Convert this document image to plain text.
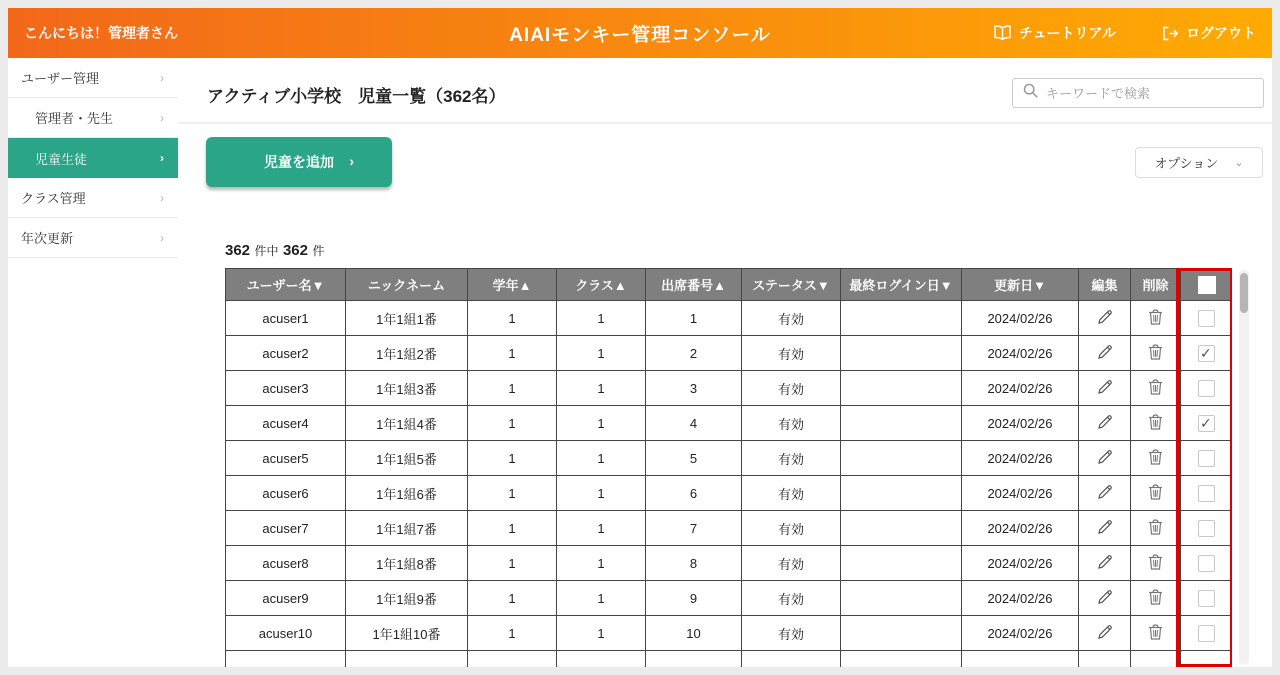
こんにちは！管理者さん	AIAIモンキー管理コンソール	チュートリアル	ログアウト
ユーザー管理	›
管理者・先生	›
児童生徒	›
クラス管理	›
年次更新	›
アクティブ小学校　児童一覧（362名）
キーワードで検索
児童を追加 ›	オプション ⌄
362 件中 362 件
ユーザー名▼	ニックネーム	学年▲	クラス▲	出席番号▲	ステータス▼	最終ログイン日▼	更新日▼	編集	削除	
acuser1	1年1組1番	1	1	1	有効		2024/02/26			
acuser2	1年1組2番	1	1	2	有効		2024/02/26			✓
acuser3	1年1組3番	1	1	3	有効		2024/02/26			
acuser4	1年1組4番	1	1	4	有効		2024/02/26			✓
acuser5	1年1組5番	1	1	5	有効		2024/02/26			
acuser6	1年1組6番	1	1	6	有効		2024/02/26			
acuser7	1年1組7番	1	1	7	有効		2024/02/26			
acuser8	1年1組8番	1	1	8	有効		2024/02/26			
acuser9	1年1組9番	1	1	9	有効		2024/02/26			
acuser10	1年1組10番	1	1	10	有効		2024/02/26			
